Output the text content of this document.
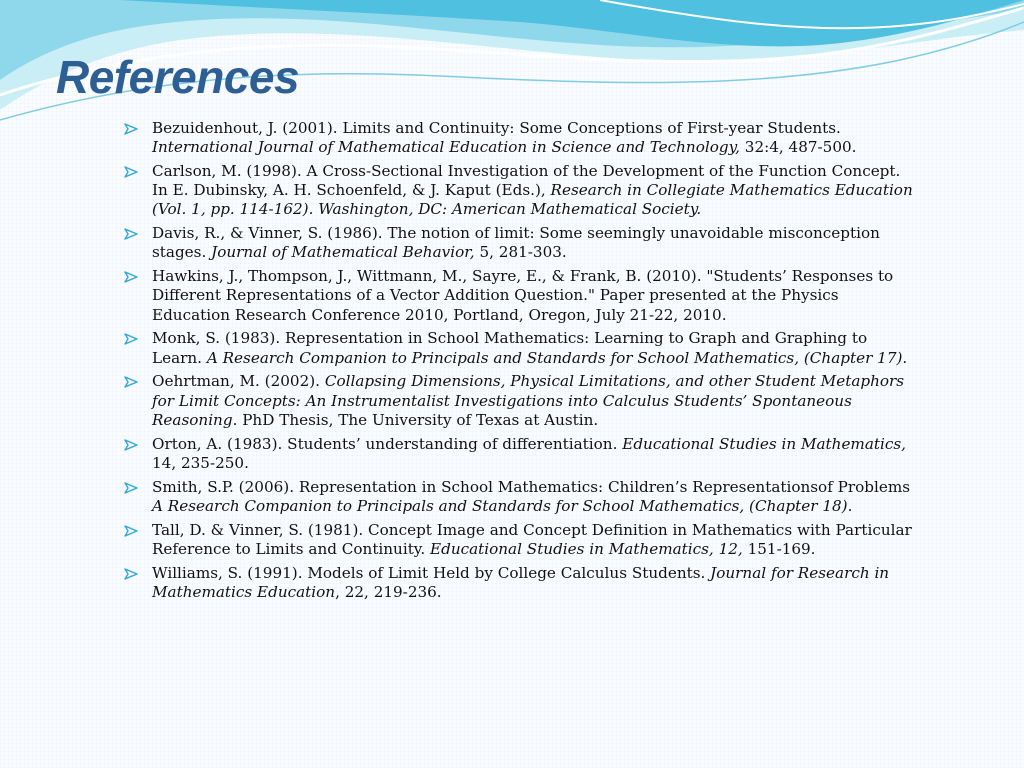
References
Bezuidenhout, J. (2001). Limits and Continuity: Some Conceptions of First-year Students. International Journal of Mathematical Education in Science and Technology, 32:4, 487-500.
Carlson, M. (1998). A Cross-Sectional Investigation of the Development of the Function Concept. In E. Dubinsky, A. H. Schoenfeld, & J. Kaput (Eds.), Research in Collegiate Mathematics Education (Vol. 1, pp. 114-162). Washington, DC: American Mathematical Society.
Davis, R., & Vinner, S. (1986). The notion of limit: Some seemingly unavoidable misconception stages. Journal of Mathematical Behavior, 5, 281-303.
Hawkins, J., Thompson, J., Wittmann, M., Sayre, E., & Frank, B. (2010). "Students’ Responses to Different Representations of a Vector Addition Question." Paper presented at the Physics Education Research Conference 2010, Portland, Oregon, July 21-22, 2010.
Monk, S. (1983). Representation in School Mathematics: Learning to Graph and Graphing to Learn. A Research Companion to Principals and Standards for School Mathematics, (Chapter 17).
Oehrtman, M. (2002). Collapsing Dimensions, Physical Limitations, and other Student Metaphors for Limit Concepts: An Instrumentalist Investigations into Calculus Students’ Spontaneous Reasoning. PhD Thesis, The University of Texas at Austin.
Orton, A. (1983). Students’ understanding of differentiation. Educational Studies in Mathematics, 14, 235-250.
Smith, S.P. (2006). Representation in School Mathematics: Children’s Representationsof Problems A Research Companion to Principals and Standards for School Mathematics, (Chapter 18).
Tall, D. & Vinner, S. (1981). Concept Image and Concept Definition in Mathematics with Particular Reference to Limits and Continuity. Educational Studies in Mathematics, 12, 151-169.
Williams, S. (1991). Models of Limit Held by College Calculus Students. Journal for Research in Mathematics Education, 22, 219-236.
